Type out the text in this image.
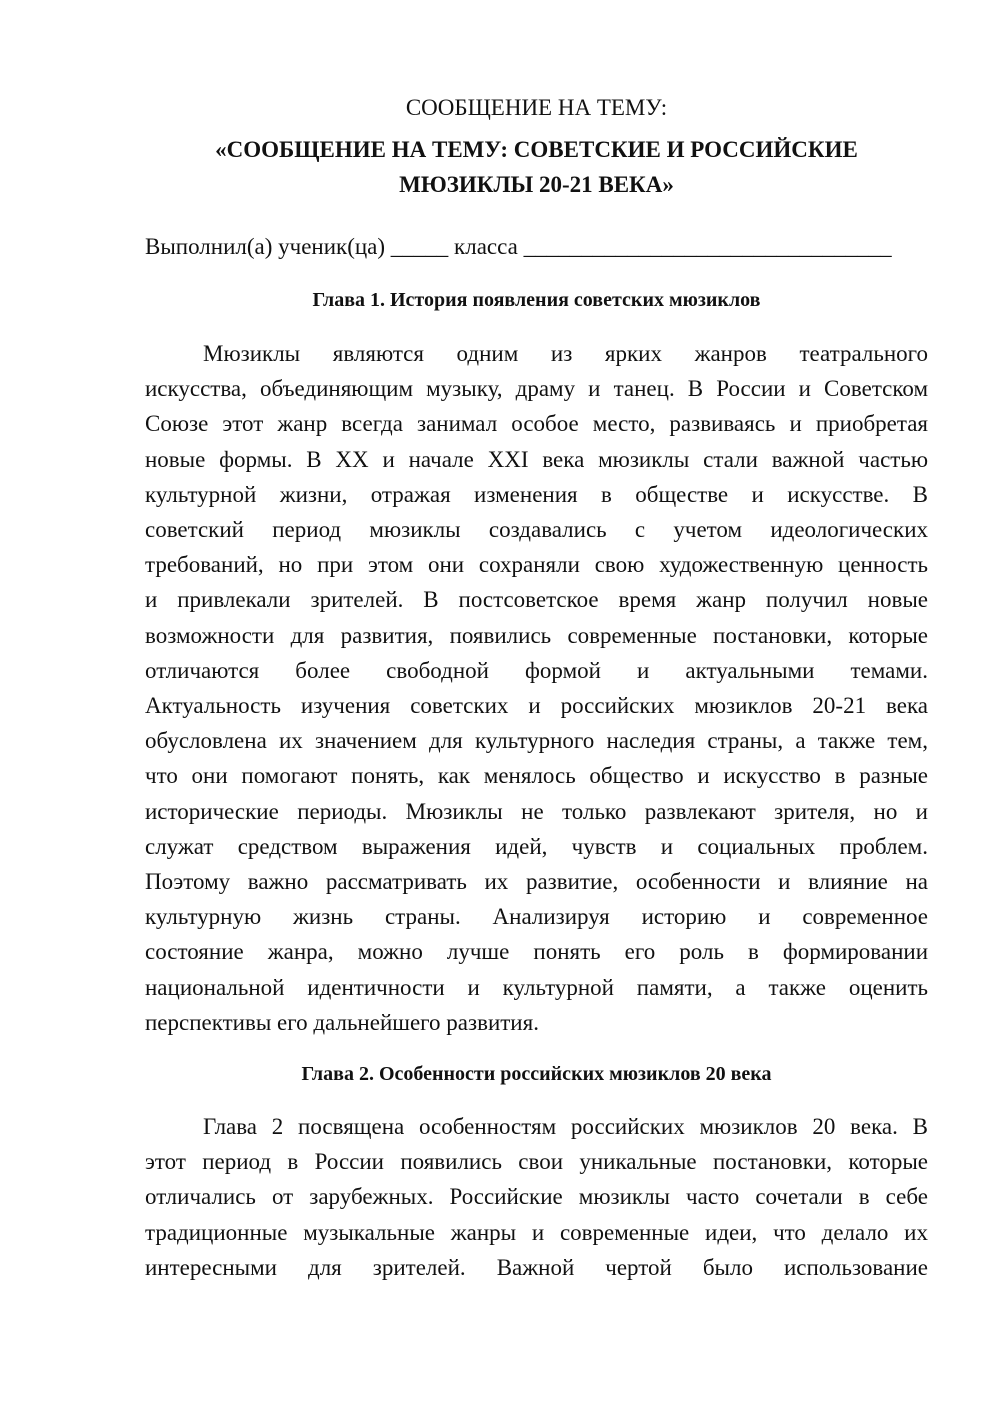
СООБЩЕНИЕ НА ТЕМУ:

«СООБЩЕНИЕ НА ТЕМУ: СОВЕТСКИЕ И РОССИЙСКИЕ
МЮЗИКЛЫ 20-21 ВЕКА»

Выполнил(а) ученик(ца) _____ класса ________________________________

Глава 1. История появления советских мюзиклов
Мюзиклы являются одним из ярких жанров театрального
искусства, объединяющим музыку, драму и танец. В России и Советском
Союзе этот жанр всегда занимал особое место, развиваясь и приобретая
новые формы. В XX и начале XXI века мюзиклы стали важной частью
культурной жизни, отражая изменения в обществе и искусстве. В
советский период мюзиклы создавались с учетом идеологических
требований, но при этом они сохраняли свою художественную ценность
и привлекали зрителей. В постсоветское время жанр получил новые
возможности для развития, появились современные постановки, которые
отличаются более свободной формой и актуальными темами.
Актуальность изучения советских и российских мюзиклов 20-21 века
обусловлена их значением для культурного наследия страны, а также тем,
что они помогают понять, как менялось общество и искусство в разные
исторические периоды. Мюзиклы не только развлекают зрителя, но и
служат средством выражения идей, чувств и социальных проблем.
Поэтому важно рассматривать их развитие, особенности и влияние на
культурную жизнь страны. Анализируя историю и современное
состояние жанра, можно лучше понять его роль в формировании
национальной идентичности и культурной памяти, а также оценить
перспективы его дальнейшего развития.
Глава 2. Особенности российских мюзиклов 20 века
Глава 2 посвящена особенностям российских мюзиклов 20 века. В
этот период в России появились свои уникальные постановки, которые
отличались от зарубежных. Российские мюзиклы часто сочетали в себе
традиционные музыкальные жанры и современные идеи, что делало их
интересными для зрителей. Важной чертой было использование
